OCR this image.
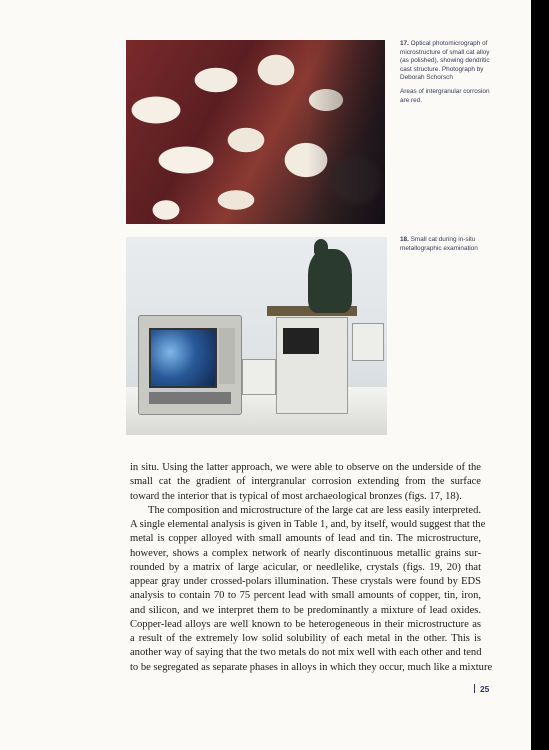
17. Optical photomicrograph of microstructure of small cat alloy (as polished), showing dendritic cast structure. Photograph by Deborah Schorsch

Areas of intergranular corrosion are red.

18. Small cat during in-situ metallographic examination

in situ. Using the latter approach, we were able to observe on the underside of the
small cat the gradient of intergranular corrosion extending from the surface
toward the interior that is typical of most archaeological bronzes (figs. 17, 18).
The composition and microstructure of the large cat are less easily interpreted.
A single elemental analysis is given in Table 1, and, by itself, would suggest that the
metal is copper alloyed with small amounts of lead and tin. The microstructure,
however, shows a complex network of nearly discontinuous metallic grains sur-
rounded by a matrix of large acicular, or needlelike, crystals (figs. 19, 20) that
appear gray under crossed-polars illumination. These crystals were found by EDS
analysis to contain 70 to 75 percent lead with small amounts of copper, tin, iron,
and silicon, and we interpret them to be predominantly a mixture of lead oxides.
Copper-lead alloys are well known to be heterogeneous in their microstructure as
a result of the extremely low solid solubility of each metal in the other. This is
another way of saying that the two metals do not mix well with each other and tend
to be segregated as separate phases in alloys in which they occur, much like a mixture
25
